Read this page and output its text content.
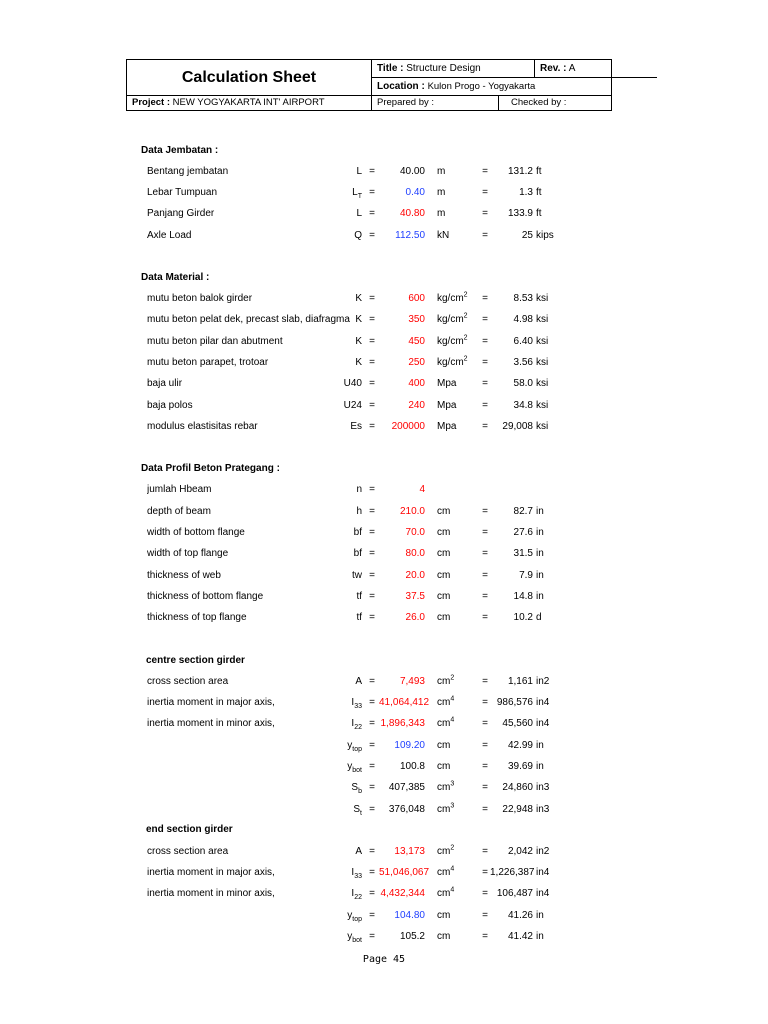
Calculation Sheet
Title : Structure Design	Rev. : A
Location : Kulon Progo - Yogyakarta
Project : NEW YOGYAKARTA INT' AIRPORT	Prepared by :	Checked by :
Data Jembatan :
Bentang jembatan	L =	40.00 m	=	131.2 ft
Lebar Tumpuan	$L_T$ =	0.40 m	=	1.3 ft
Panjang Girder	L =	40.80 m	=	133.9 ft
Axle Load	Q =	112.50 kN	=	25 kips
Data Material :
mutu beton balok girder	K =	600 $kg/cm^2$	=	8.53 ksi
mutu beton pelat dek, precast slab, diafragma K =	350 $kg/cm^2$	=	4.98 ksi
mutu beton pilar dan abutment	K =	450 $kg/cm^2$	=	6.40 ksi
mutu beton parapet, trotoar	K =	250 $kg/cm^2$	=	3.56 ksi
baja ulir	U40 =	400 Mpa	=	58.0 ksi
baja polos	U24 =	240 Mpa	=	34.8 ksi
modulus elastisitas rebar	Es =	200000 Mpa	=	29,008 ksi
Data Profil Beton Prategang :
jumlah Hbeam	n =	4
depth of beam	h =	210.0 cm	=	82.7 in
width of bottom flange	bf =	70.0 cm	=	27.6 in
width of top flange	bf =	80.0 cm	=	31.5 in
thickness of web	tw =	20.0 cm	=	7.9 in
thickness of bottom flange	tf =	37.5 cm	=	14.8 in
thickness of top flange	tf =	26.0 cm	=	10.2 d
centre section girder
cross section area	A =	7,493 $cm^2$	=	1,161 in2
inertia moment in major axis,	$I_{33} = 41,064,412$ $cm^4$	= 986,576 in4
inertia moment in minor axis,	$I_{22} = 1,896,343$ $cm^4$	=	45,560 in4
$y_{top}$ =	109.20 cm	=	42.99 in
$y_{bot}$ =	100.8 cm	=	39.69 in
$S_b$ =	407,385 $cm^3$	=	24,860 in3
$S_t$ =	376,048 $cm^3$	=	22,948 in3
end section girder
cross section area	A =	13,173 $cm^2$	=	2,042 in2
inertia moment in major axis,	$I_{33} = 51,046,067$ $cm^4$	= 1,226,387 in4
inertia moment in minor axis,	$I_{22} = 4,432,344$ $cm^4$	= 106,487 in4
$y_{top}$ =	104.80 cm	=	41.26 in
$y_{bot}$ =	105.2 cm	=	41.42 in
Page 45
